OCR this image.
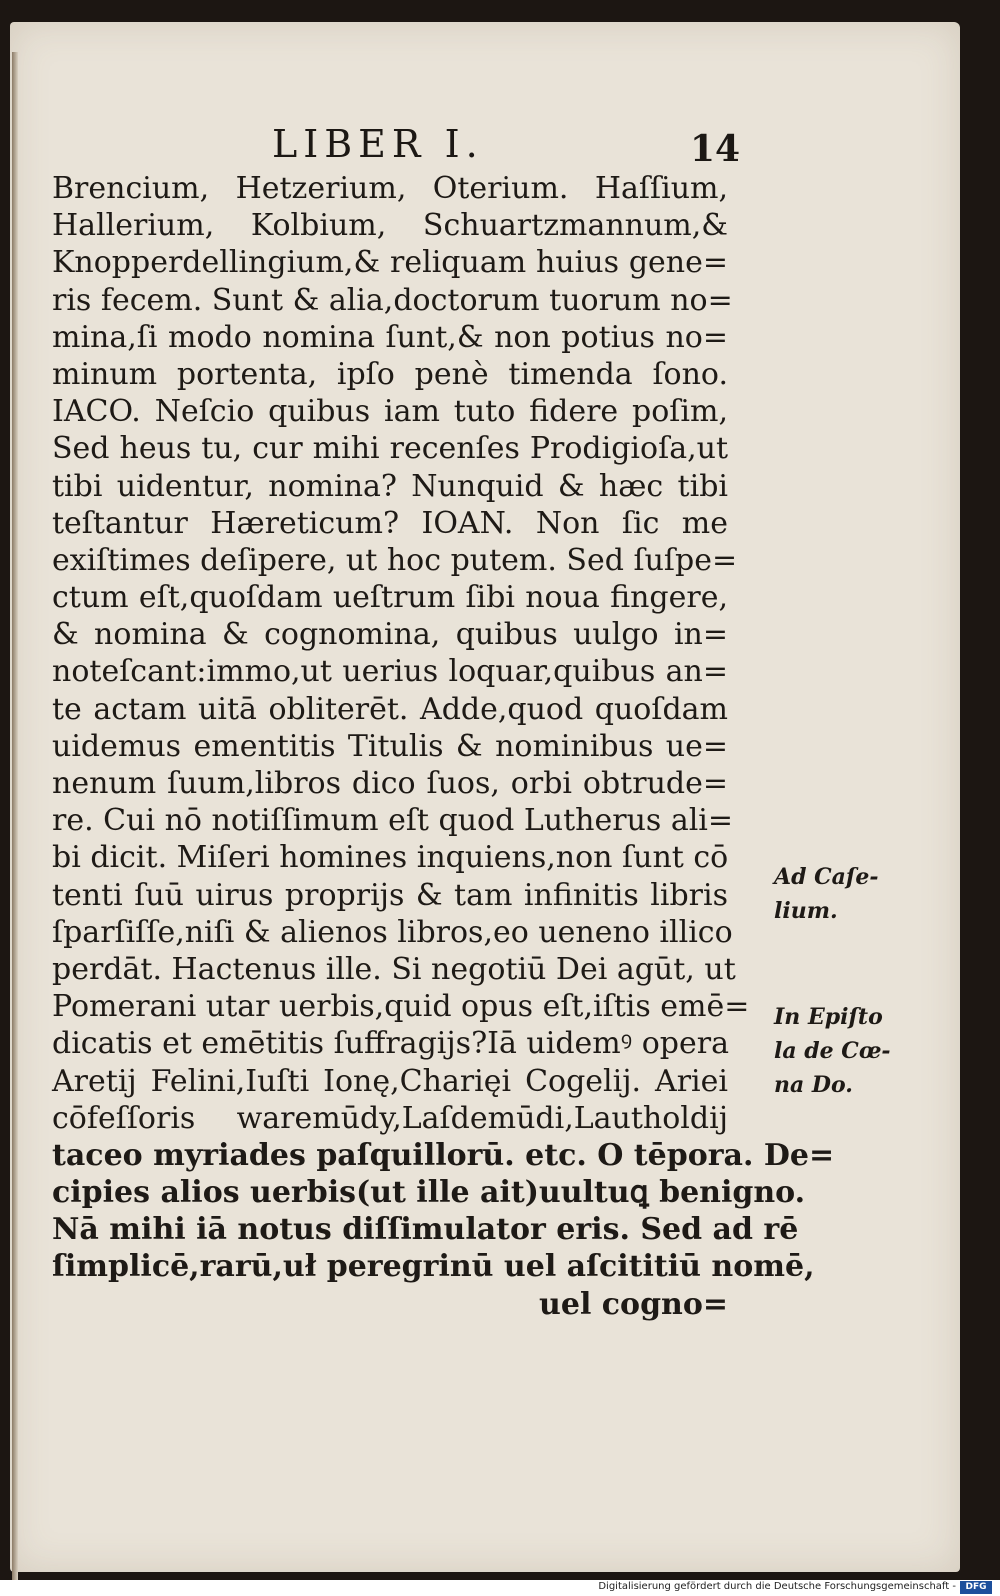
LIBER I.	14
Brencium, Hetzerium, Oterium. Haſſium,
Hallerium, Kolbium, Schuartzmannum,&
Knopperdellingium,& reliquam huius gene=
ris fecem. Sunt & alia,doctorum tuorum no=
mina,ſi modo nomina ſunt,& non potius no=
minum portenta, ipſo penè timenda ſono.
IACO. Neſcio quibus iam tuto fidere poſim,
Sed heus tu, cur mihi recenſes Prodigioſa,ut
tibi uidentur, nomina? Nunquid & hæc tibi
teſtantur Hæreticum? IOAN. Non ſic me
exiſtimes deſipere, ut hoc putem. Sed ſuſpe=
ctum eſt,quoſdam ueſtrum ſibi noua fingere,
& nomina & cognomina, quibus uulgo in=
noteſcant:immo,ut uerius loquar,quibus an=
te actam uitā obliterēt. Adde,quod quoſdam
uidemus ementitis Titulis & nominibus ue=
nenum ſuum,libros dico ſuos, orbi obtrude=
re. Cui nō notiſſimum eſt quod Lutherus ali=
bi dicit. Miſeri homines inquiens,non ſunt cō
tenti ſuū uirus proprijs & tam infinitis libris
ſparſiſſe,niſi & alienos libros,eo ueneno illico
perdāt. Hactenus ille. Si negotiū Dei agūt, ut
Pomerani utar uerbis,quid opus eſt,iſtis emē=
dicatis et emētitis ſuffragijs?Iā uidemꝰ opera
Aretij Felini,Iuſti Ionę,Charięi Cogelij. Ariei
cōfeſſoris waremūdy,Laſdemūdi,Lautholdij
taceo myriades paſquillorū. etc. O tēpora. De=
cipies alios uerbis(ut ille ait)uultuꝗ benigno.
Nā mihi iā notus diſſimulator eris. Sed ad rē
ſimplicē,rarū,uł peregrinū uel aſcititiū nomē,
uel cogno=
Ad Caſe-
lium.
In Epiſto
la de Cœ-
na Do.
Digitalisierung gefördert durch die Deutsche Forschungsgemeinschaft -	DFG
